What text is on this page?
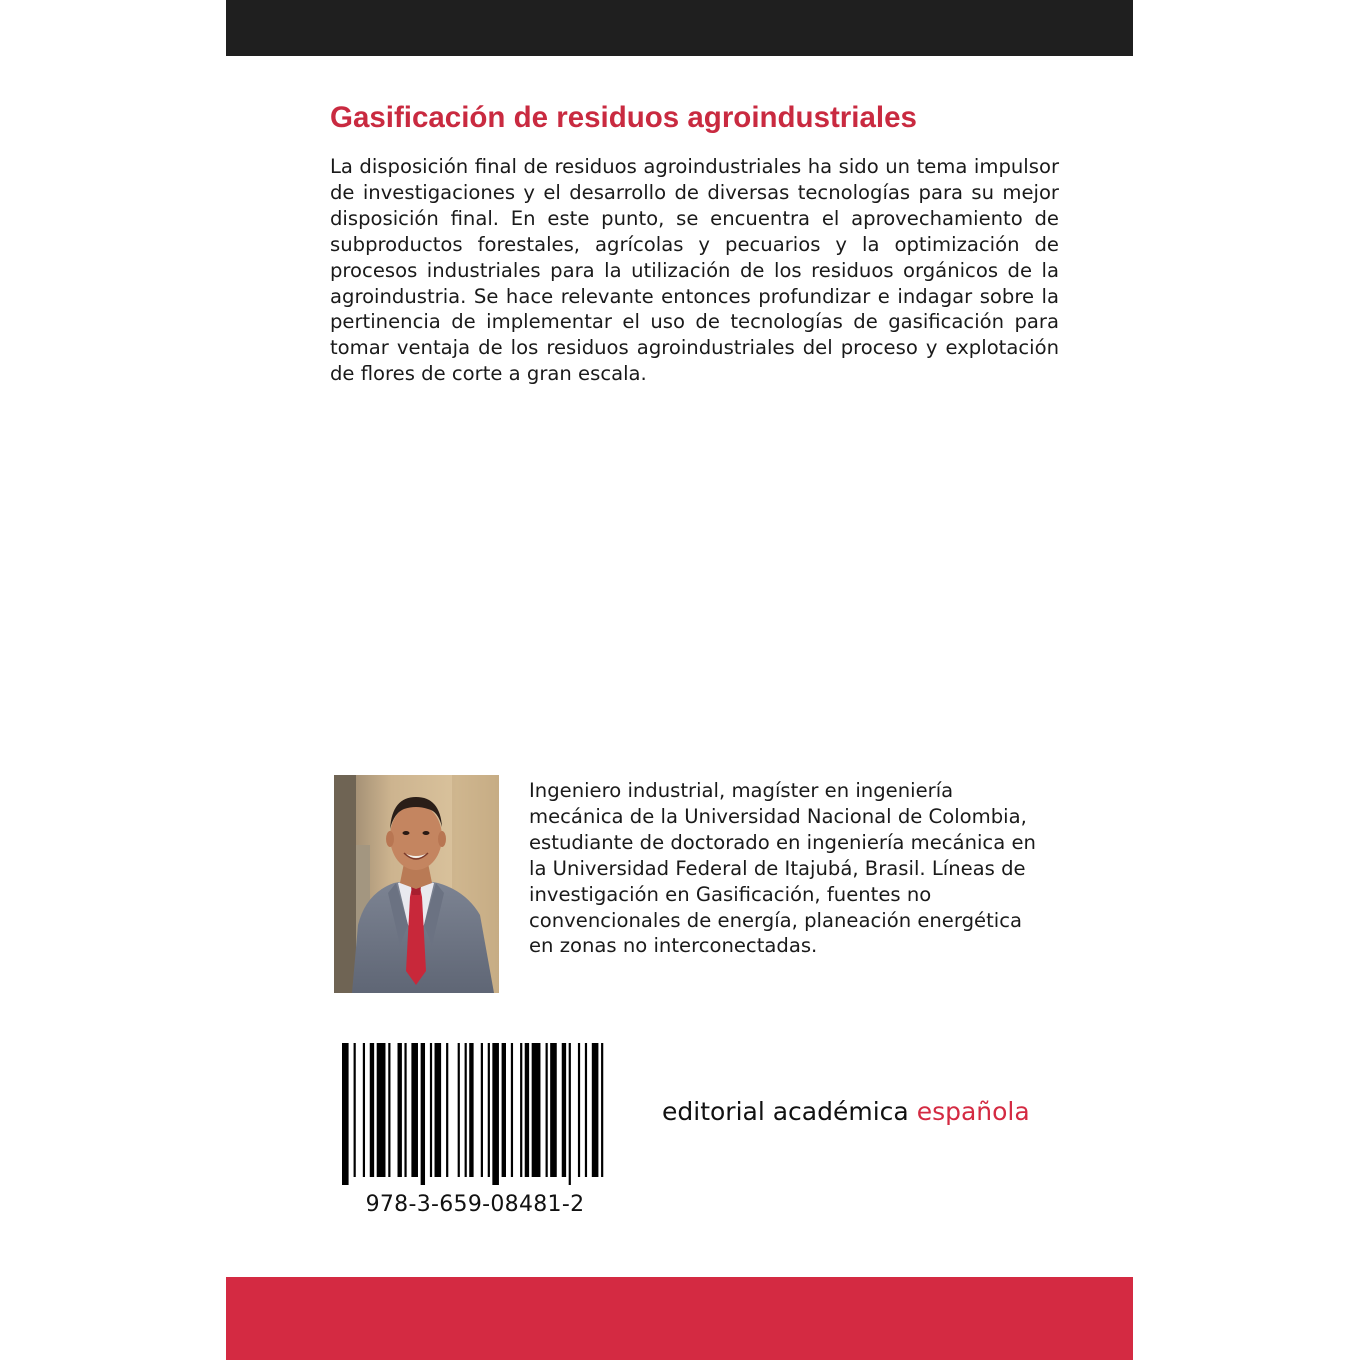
Gasificación de residuos agroindustriales

La disposición final de residuos agroindustriales ha sido un tema impulsor de investigaciones y el desarrollo de diversas tecnologías para su mejor disposición final. En este punto, se encuentra el aprovechamiento de subproductos forestales, agrícolas y pecuarios y la optimización de procesos industriales para la utilización de los residuos orgánicos de la agroindustria. Se hace relevante entonces profundizar e indagar sobre la pertinencia de implementar el uso de tecnologías de gasificación para tomar ventaja de los residuos agroindustriales del proceso y explotación de flores de corte a gran escala.

Ingeniero industrial, magíster en ingeniería
mecánica de la Universidad Nacional de Colombia,
estudiante de doctorado en ingeniería mecánica en
la Universidad Federal de Itajubá, Brasil. Líneas de
investigación en Gasificación, fuentes no
convencionales de energía, planeación energética
en zonas no interconectadas.

978-3-659-08481-2
editorial académica española
